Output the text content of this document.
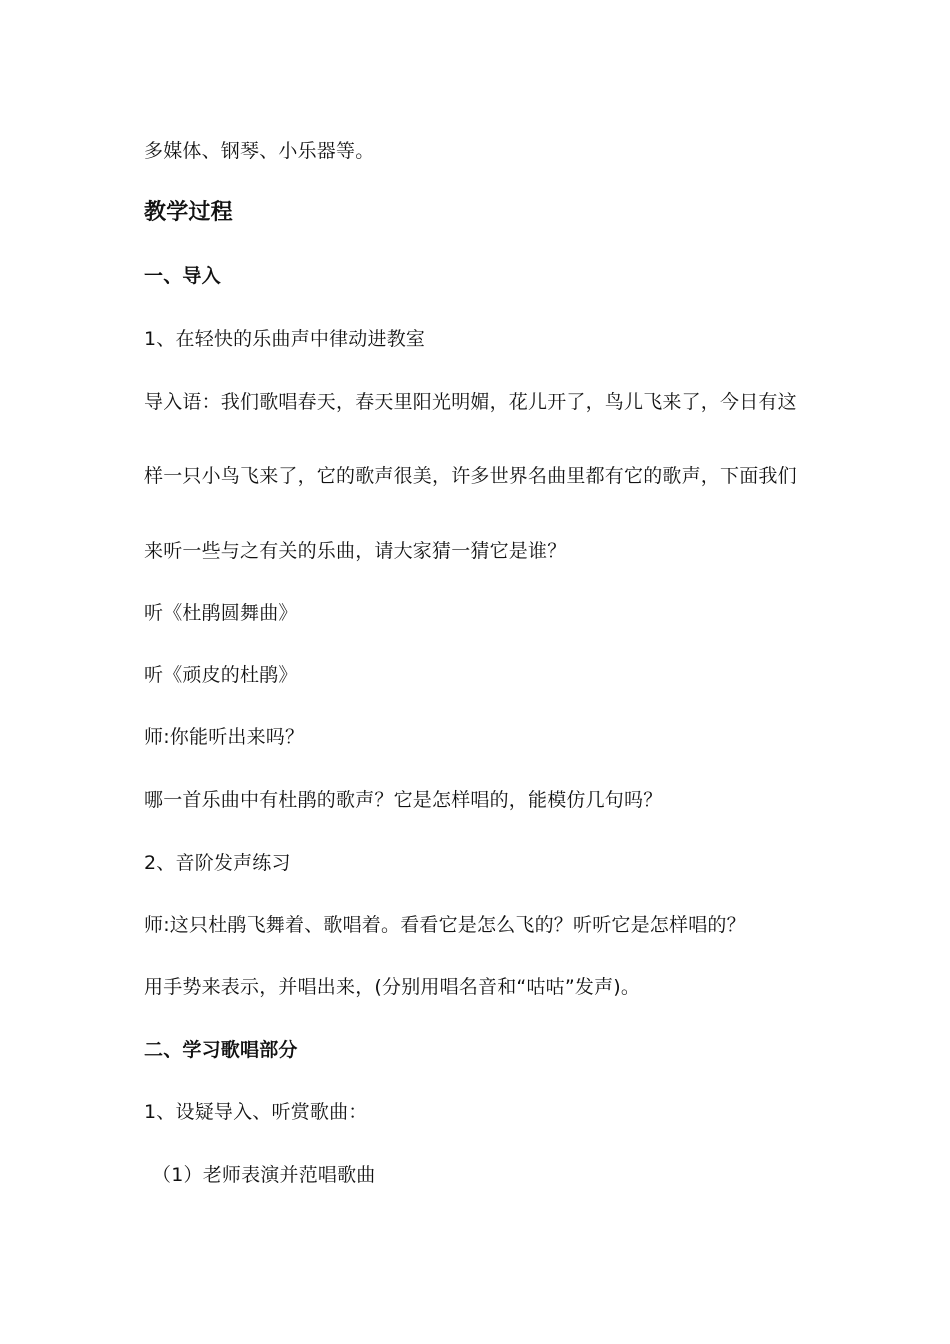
多媒体、钢琴、小乐器等。
教学过程
一、导入
1、在轻快的乐曲声中律动进教室
导入语：我们歌唱春天，春天里阳光明媚，花儿开了，鸟儿飞来了，今日有这
样一只小鸟飞来了，它的歌声很美，许多世界名曲里都有它的歌声，下面我们
来听一些与之有关的乐曲，请大家猜一猜它是谁？
听《杜鹃圆舞曲》
听《顽皮的杜鹃》
师:你能听出来吗？
哪一首乐曲中有杜鹃的歌声？它是怎样唱的，能模仿几句吗？
2、音阶发声练习
师:这只杜鹃飞舞着、歌唱着。看看它是怎么飞的？听听它是怎样唱的？
用手势来表示，并唱出来，(分别用唱名音和“咕咕”发声)。
二、学习歌唱部分
1、设疑导入、听赏歌曲：
（1）老师表演并范唱歌曲
